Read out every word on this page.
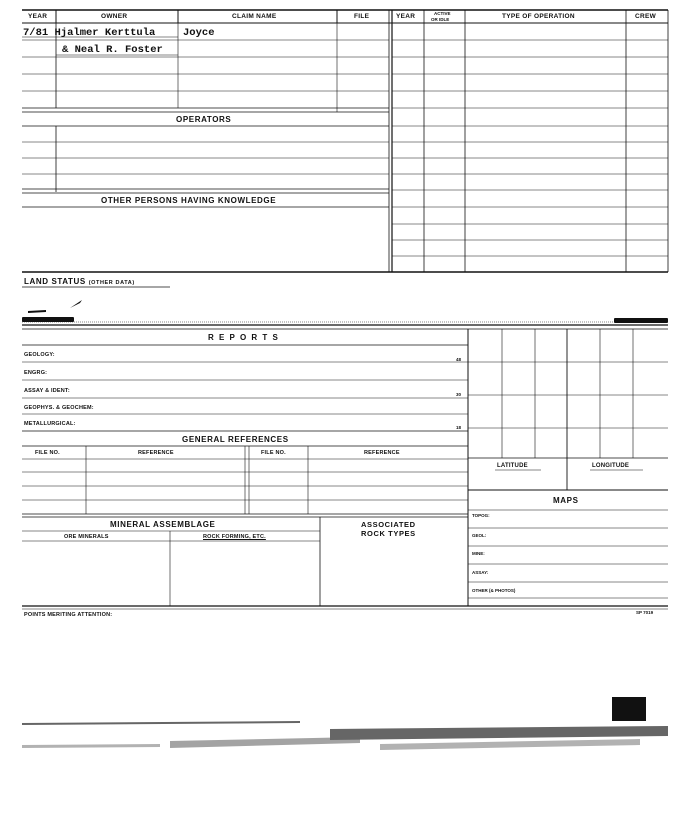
YEAR	OWNER	CLAIM NAME	FILE	YEAR	ACTIVE
OR IDLE	TYPE OF OPERATION	CREW
7/81 Hjalmer Kerttula	Joyce
& Neal R. Foster
OPERATORS
OTHER PERSONS HAVING KNOWLEDGE
LAND STATUS (OTHER DATA)
R E P O R T S
GEOLOGY:
ENGRG:
ASSAY & IDENT:
GEOPHYS. & GEOCHEM:
METALLURGICAL:
48
30
18
GENERAL REFERENCES
FILE NO.	REFERENCE	FILE NO.	REFERENCE
MINERAL ASSEMBLAGE
ORE MINERALS	ROCK FORMING, ETC.
ASSOCIATED
ROCK TYPES
LATITUDE	LONGITUDE
MAPS
TOPOG:
GEOL:
MINE:
ASSAY:
OTHER (& PHOTOS)
POINTS MERITING ATTENTION:	SP 7019
